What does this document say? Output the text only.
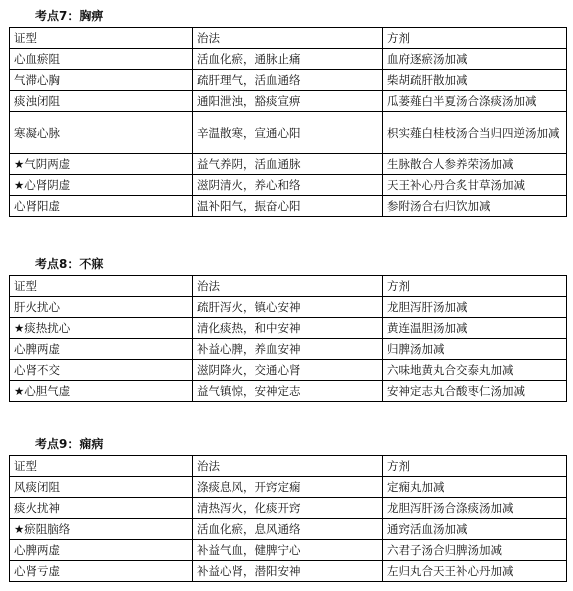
考点7：胸痹
证型	治法	方剂
心血瘀阻	活血化瘀，通脉止痛	血府逐瘀汤加减
气滞心胸	疏肝理气，活血通络	柴胡疏肝散加减
痰浊闭阻	通阳泄浊，豁痰宣痹	瓜蒌薤白半夏汤合涤痰汤加减
寒凝心脉	辛温散寒，宣通心阳	枳实薤白桂枝汤合当归四逆汤加减
★气阴两虚	益气养阴，活血通脉	生脉散合人参养荣汤加减
★心肾阴虚	滋阴清火，养心和络	天王补心丹合炙甘草汤加减
心肾阳虚	温补阳气，振奋心阳	参附汤合右归饮加减
考点8：不寐
证型	治法	方剂
肝火扰心	疏肝泻火，镇心安神	龙胆泻肝汤加减
★痰热扰心	清化痰热，和中安神	黄连温胆汤加减
心脾两虚	补益心脾，养血安神	归脾汤加减
心肾不交	滋阴降火，交通心肾	六味地黄丸合交泰丸加减
★心胆气虚	益气镇惊，安神定志	安神定志丸合酸枣仁汤加减
考点9：痫病
证型	治法	方剂
风痰闭阻	涤痰息风，开窍定痫	定痫丸加减
痰火扰神	清热泻火，化痰开窍	龙胆泻肝汤合涤痰汤加减
★瘀阻脑络	活血化瘀，息风通络	通窍活血汤加减
心脾两虚	补益气血，健脾宁心	六君子汤合归脾汤加减
心肾亏虚	补益心肾，潜阳安神	左归丸合天王补心丹加减
